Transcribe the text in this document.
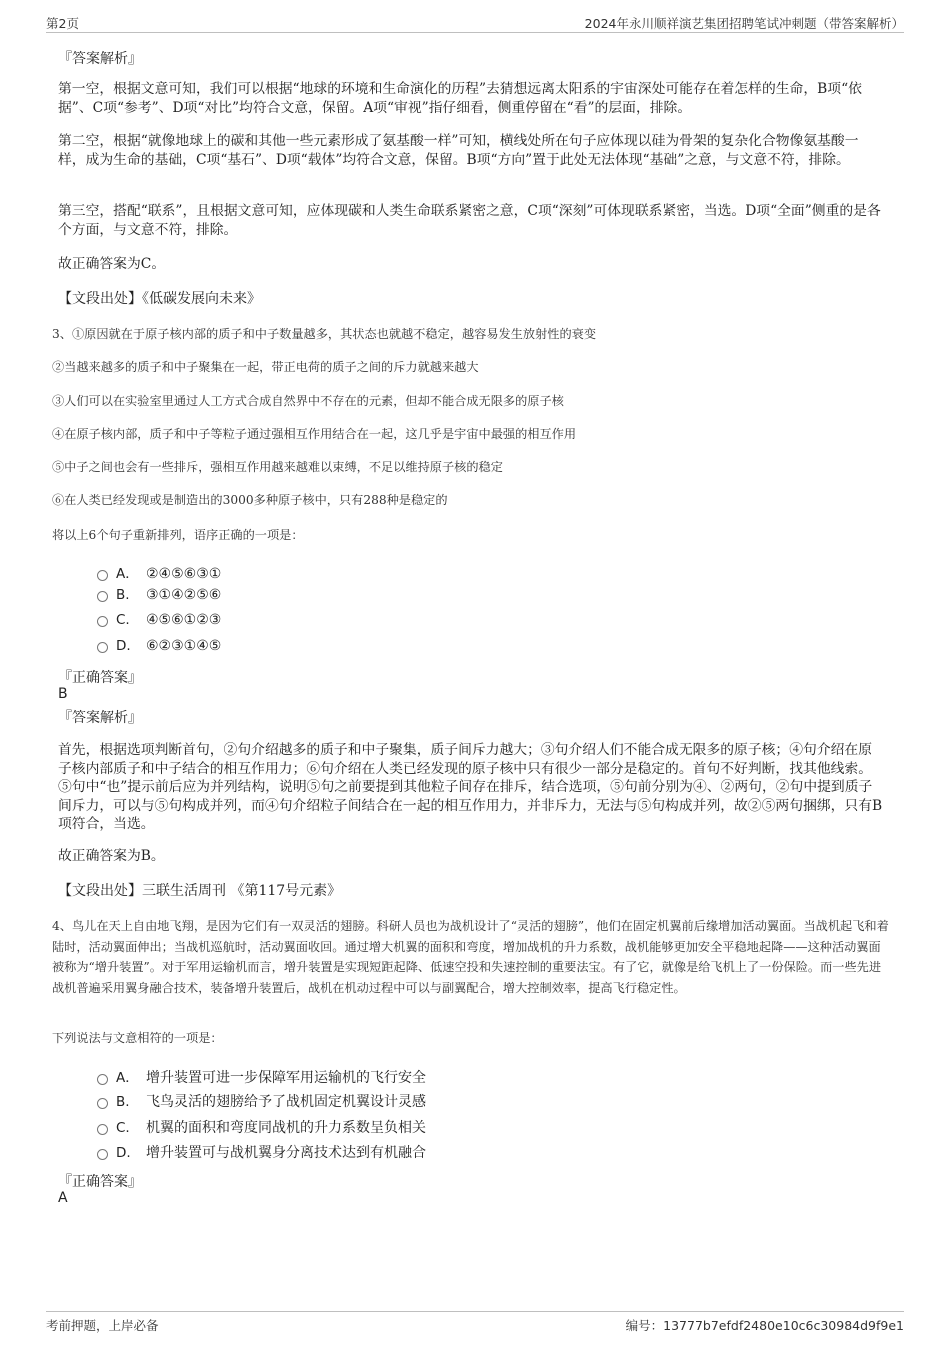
第2页	2024年永川顺祥演艺集团招聘笔试冲刺题（带答案解析）
『答案解析』
第一空，根据文意可知，我们可以根据“地球的环境和生命演化的历程”去猜想远离太阳系的宇宙深处可能存在着怎样的生命，B项“依据”、C项“参考”、D项“对比”均符合文意，保留。A项“审视”指仔细看，侧重停留在“看”的层面，排除。
第二空，根据“就像地球上的碳和其他一些元素形成了氨基酸一样”可知，横线处所在句子应体现以硅为骨架的复杂化合物像氨基酸一样，成为生命的基础，C项“基石”、D项“载体”均符合文意，保留。B项“方向”置于此处无法体现“基础”之意，与文意不符，排除。
第三空，搭配“联系”，且根据文意可知，应体现碳和人类生命联系紧密之意，C项“深刻”可体现联系紧密，当选。D项“全面”侧重的是各个方面，与文意不符，排除。
故正确答案为C。
【文段出处】《低碳发展向未来》
3、①原因就在于原子核内部的质子和中子数量越多，其状态也就越不稳定，越容易发生放射性的衰变
②当越来越多的质子和中子聚集在一起，带正电荷的质子之间的斥力就越来越大
③人们可以在实验室里通过人工方式合成自然界中不存在的元素，但却不能合成无限多的原子核
④在原子核内部，质子和中子等粒子通过强相互作用结合在一起，这几乎是宇宙中最强的相互作用
⑤中子之间也会有一些排斥，强相互作用越来越难以束缚，不足以维持原子核的稳定
⑥在人类已经发现或是制造出的3000多种原子核中，只有288种是稳定的
将以上6个句子重新排列，语序正确的一项是：
A． ②④⑤⑥③①
B. ③①④②⑤⑥
C. ④⑤⑥①②③
D. ⑥②③①④⑤
『正确答案』
B
『答案解析』
首先，根据选项判断首句，②句介绍越多的质子和中子聚集，质子间斥力越大；③句介绍人们不能合成无限多的原子核；④句介绍在原子核内部质子和中子结合的相互作用力；⑥句介绍在人类已经发现的原子核中只有很少一部分是稳定的。首句不好判断，找其他线索。⑤句中“也”提示前后应为并列结构，说明⑤句之前要提到其他粒子间存在排斥，结合选项，⑤句前分别为④、②两句，②句中提到质子间斥力，可以与⑤句构成并列，而④句介绍粒子间结合在一起的相互作用力，并非斥力，无法与⑤句构成并列，故②⑤两句捆绑，只有B项符合，当选。
故正确答案为B。
【文段出处】三联生活周刊 《第117号元素》
4、鸟儿在天上自由地飞翔，是因为它们有一双灵活的翅膀。科研人员也为战机设计了“灵活的翅膀”，他们在固定机翼前后缘增加活动翼面。当战机起飞和着陆时，活动翼面伸出；当战机巡航时，活动翼面收回。通过增大机翼的面积和弯度，增加战机的升力系数，战机能够更加安全平稳地起降——这种活动翼面被称为“增升装置”。对于军用运输机而言，增升装置是实现短距起降、低速空投和失速控制的重要法宝。有了它，就像是给飞机上了一份保险。而一些先进战机普遍采用翼身融合技术，装备增升装置后，战机在机动过程中可以与副翼配合，增大控制效率，提高飞行稳定性。
下列说法与文意相符的一项是：
A． 增升装置可进一步保障军用运输机的飞行安全
B. 飞鸟灵活的翅膀给予了战机固定机翼设计灵感
C. 机翼的面积和弯度同战机的升力系数呈负相关
D. 增升装置可与战机翼身分离技术达到有机融合
『正确答案』
A
考前押题，上岸必备	编号：13777b7efdf2480e10c6c30984d9f9e1
